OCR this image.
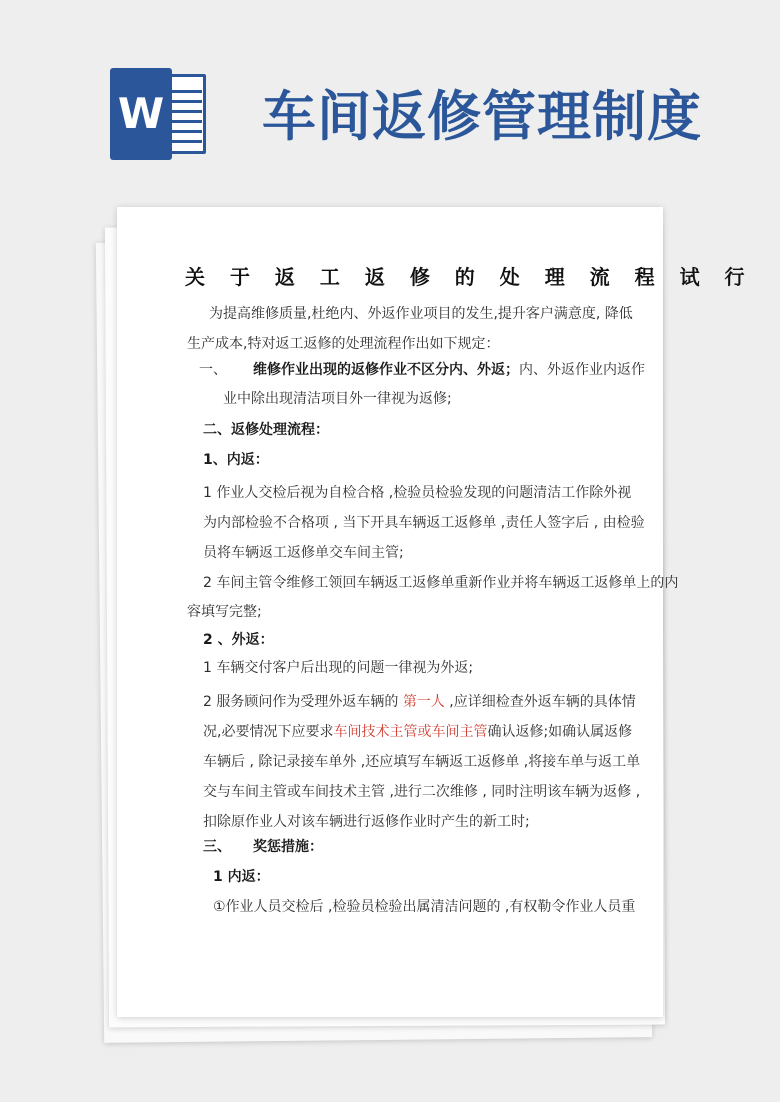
W 车间返修管理制度
关 于 返 工 返 修 的 处 理 流 程 试 行
为提高维修质量,杜绝内、外返作业项目的发生,提升客户满意度, 降低
生产成本,特对返工返修的处理流程作出如下规定：
一、 维修作业出现的返修作业不区分内、外返；内、外返作业内返作
业中除出现清洁项目外一律视为返修;
二、返修处理流程：
1、内返：
1 作业人交检后视为自检合格 ,检验员检验发现的问题清洁工作除外视
为内部检验不合格项 , 当下开具车辆返工返修单 ,责任人签字后 , 由检验
员将车辆返工返修单交车间主管;
2 车间主管令维修工领回车辆返工返修单重新作业并将车辆返工返修单上的内
容填写完整;
2 、外返：
1 车辆交付客户后出现的问题一律视为外返;
2 服务顾问作为受理外返车辆的 第一人 ,应详细检查外返车辆的具体情
况,必要情况下应要求车间技术主管或车间主管确认返修;如确认属返修
车辆后 , 除记录接车单外 ,还应填写车辆返工返修单 ,将接车单与返工单
交与车间主管或车间技术主管 ,进行二次维修 , 同时注明该车辆为返修 ,
扣除原作业人对该车辆进行返修作业时产生的新工时;
三、 奖惩措施：
1 内返：
①作业人员交检后 ,检验员检验出属清洁问题的 ,有权勒令作业人员重
